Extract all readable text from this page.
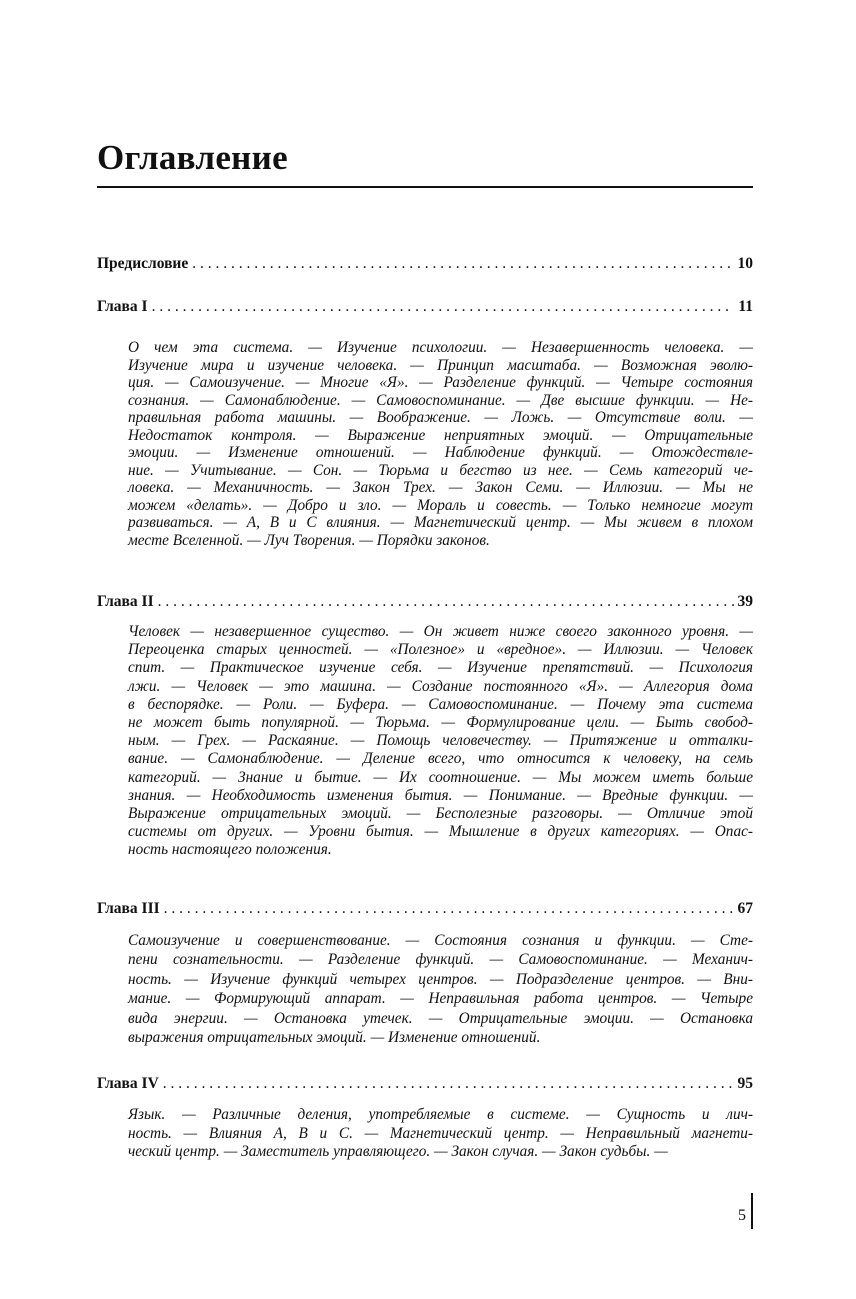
Оглавление
Предисловие . . .	10
Глава I . . .	11
О чем эта система. — Изучение психологии. — Незавершенность человека. —
Изучение мира и изучение человека. — Принцип масштаба. — Возможная эволю-
ция. — Самоизучение. — Многие «Я». — Разделение функций. — Четыре состояния
сознания. — Самонаблюдение. — Самовоспоминание. — Две высшие функции. — Не-
правильная работа машины. — Воображение. — Ложь. — Отсутствие воли. —
Недостаток контроля. — Выражение неприятных эмоций. — Отрицательные
эмоции. — Изменение отношений. — Наблюдение функций. — Отождествле-
ние. — Учитывание. — Сон. — Тюрьма и бегство из нее. — Семь категорий че-
ловека. — Механичность. — Закон Трех. — Закон Семи. — Иллюзии. — Мы не
можем «делать». — Добро и зло. — Мораль и совесть. — Только немногие могут
развиваться. — А, В и С влияния. — Магнетический центр. — Мы живем в плохом
месте Вселенной. — Луч Творения. — Порядки законов.
Глава II . . .	39
Человек — незавершенное существо. — Он живет ниже своего законного уровня. —
Переоценка старых ценностей. — «Полезное» и «вредное». — Иллюзии. — Человек
спит. — Практическое изучение себя. — Изучение препятствий. — Психология
лжи. — Человек — это машина. — Создание постоянного «Я». — Аллегория дома
в беспорядке. — Роли. — Буфера. — Самовоспоминание. — Почему эта система
не может быть популярной. — Тюрьма. — Формулирование цели. — Быть свобод-
ным. — Грех. — Раскаяние. — Помощь человечеству. — Притяжение и отталки-
вание. — Самонаблюдение. — Деление всего, что относится к человеку, на семь
категорий. — Знание и бытие. — Их соотношение. — Мы можем иметь больше
знания. — Необходимость изменения бытия. — Понимание. — Вредные функции. —
Выражение отрицательных эмоций. — Бесполезные разговоры. — Отличие этой
системы от других. — Уровни бытия. — Мышление в других категориях. — Опас-
ность настоящего положения.
Глава III . . .	67
Самоизучение и совершенствование. — Состояния сознания и функции. — Сте-
пени сознательности. — Разделение функций. — Самовоспоминание. — Механич-
ность. — Изучение функций четырех центров. — Подразделение центров. — Вни-
мание. — Формирующий аппарат. — Неправильная работа центров. — Четыре
вида энергии. — Остановка утечек. — Отрицательные эмоции. — Остановка
выражения отрицательных эмоций. — Изменение отношений.
Глава IV . . .	95
Язык. — Различные деления, употребляемые в системе. — Сущность и лич-
ность. — Влияния А, В и С. — Магнетический центр. — Неправильный магнети-
ческий центр. — Заместитель управляющего. — Закон случая. — Закон судьбы. —
5
